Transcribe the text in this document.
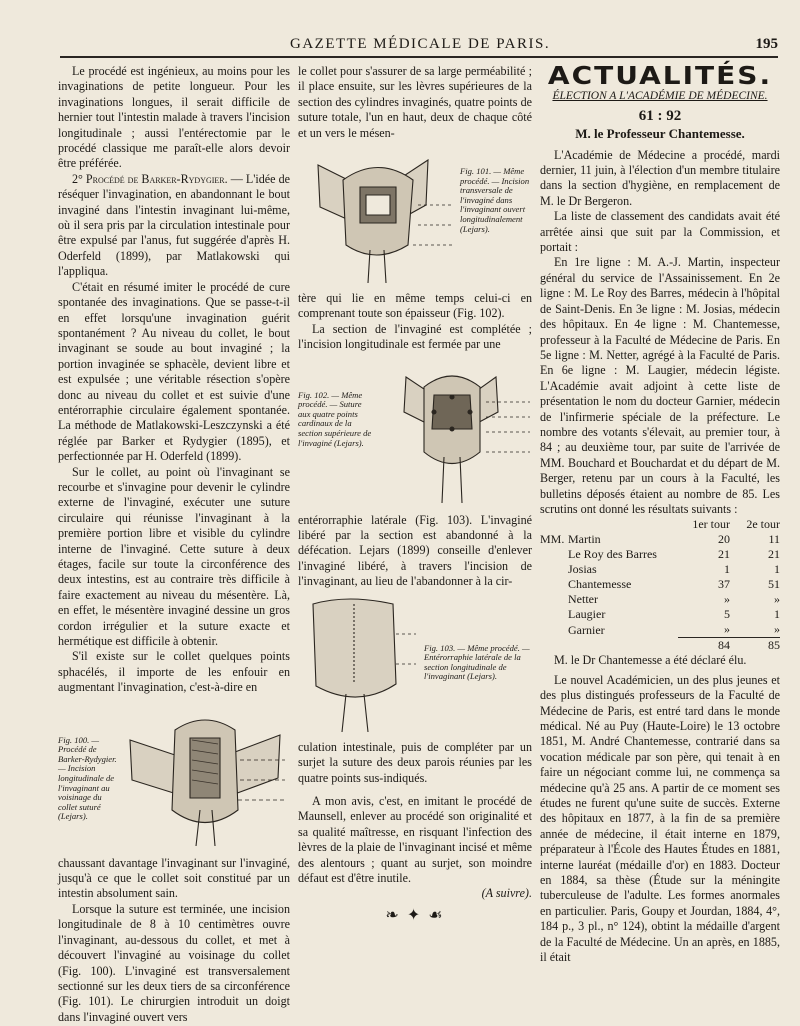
GAZETTE MÉDICALE DE PARIS.	195

Le procédé est ingénieux, au moins pour les invaginations de petite longueur. Pour les invaginations longues, il serait difficile de hernier tout l'intestin malade à travers l'incision longitudinale ; aussi l'entérectomie par le procédé classique me paraît-elle alors devoir être préférée.

2° Procédé de Barker-Rydygier. — L'idée de réséquer l'invagination, en abandonnant le bout invaginé dans l'intestin invaginant lui-même, où il sera pris par la circulation intestinale pour être expulsé par l'anus, fut suggérée d'après H. Oderfeld (1899), par Matlakowski qui l'appliqua.

C'était en résumé imiter le procédé de cure spontanée des invaginations. Que se passe-t-il en effet lorsqu'une invagination guérit spontanément ? Au niveau du collet, le bout invaginant se soude au bout invaginé ; la portion invaginée se sphacèle, devient libre et est expulsée ; une véritable résection s'opère donc au niveau du collet et est suivie d'une entérorraphie circulaire également spontanée. La méthode de Matlakowski-Leszczynski a été réglée par Barker et Rydygier (1895), et perfectionnée par H. Oderfeld (1899).

Sur le collet, au point où l'invaginant se recourbe et s'invagine pour devenir le cylindre externe de l'invaginé, exécuter une suture circulaire qui réunisse l'invaginant à la première portion libre et visible du cylindre interne de l'invaginé. Cette suture à deux étages, facile sur toute la circonférence des deux intestins, est au contraire très difficile à faire exactement au niveau du mésentère. Là, en effet, le mésentère invaginé dessine un gros cordon irrégulier et la suture exacte et hermétique est difficile à obtenir.

S'il existe sur le collet quelques points sphacélés, il importe de les enfouir en augmentant l'invagination, c'est-à-dire en

Fig. 100. — Procédé de Barker-Rydygier. — Incision longitudinale de l'invaginant au voisinage du collet suturé (Lejars).

chaussant davantage l'invaginant sur l'invaginé, jusqu'à ce que le collet soit constitué par un intestin absolument sain.

Lorsque la suture est terminée, une incision longitudinale de 8 à 10 centimètres ouvre l'invaginant, au-dessous du collet, et met à découvert l'invaginé au voisinage du collet (Fig. 100). L'invaginé est transversalement sectionné sur les deux tiers de sa circonférence (Fig. 101). Le chirurgien introduit un doigt dans l'invaginé ouvert vers

le collet pour s'assurer de sa large perméabilité ; il place ensuite, sur les lèvres supérieures de la section des cylindres invaginés, quatre points de suture totale, l'un en haut, deux de chaque côté et un vers le mésen-

Fig. 101. — Même procédé. — Incision transversale de l'invaginé dans l'invaginant ouvert longitudinalement (Lejars).

tère qui lie en même temps celui-ci en comprenant toute son épaisseur (Fig. 102).

La section de l'invaginé est complétée ; l'incision longitudinale est fermée par une

Fig. 102. — Même procédé. — Suture aux quatre points cardinaux de la section supérieure de l'invaginé (Lejars).

entérorraphie latérale (Fig. 103). L'invaginé libéré par la section est abandonné à la défécation. Lejars (1899) conseille d'enlever l'invaginé libéré, à travers l'incision de l'invaginant, au lieu de l'abandonner à la cir-

Fig. 103. — Même procédé. — Entérorraphie latérale de la section longitudinale de l'invaginant (Lejars).

culation intestinale, puis de compléter par un surjet la suture des deux parois réunies par les quatre points sus-indiqués.

A mon avis, c'est, en imitant le procédé de Maunsell, enlever au procédé son originalité et sa qualité maîtresse, en risquant l'infection des lèvres de la plaie de l'invaginant incisé et même des alentours ; quant au surjet, son moindre défaut est d'être inutile.

(A suivre).

❧ ✦ ☙
ACTUALITÉS.
ÉLECTION A L'ACADÉMIE DE MÉDECINE.
61 : 92
M. le Professeur Chantemesse.

L'Académie de Médecine a procédé, mardi dernier, 11 juin, à l'élection d'un membre titulaire dans la section d'hygiène, en remplacement de M. le Dr Bergeron.

La liste de classement des candidats avait été arrêtée ainsi que suit par la Commission, et portait :

En 1re ligne : M. A.-J. Martin, inspecteur général du service de l'Assainissement. En 2e ligne : M. Le Roy des Barres, médecin à l'hôpital de Saint-Denis. En 3e ligne : M. Josias, médecin des hôpitaux. En 4e ligne : M. Chantemesse, professeur à la Faculté de Médecine de Paris. En 5e ligne : M. Netter, agrégé à la Faculté de Paris. En 6e ligne : M. Laugier, médecin légiste. L'Académie avait adjoint à cette liste de présentation le nom du docteur Garnier, médecin de l'infirmerie spéciale de la préfecture. Le nombre des votants s'élevait, au premier tour, à 84 ; au deuxième tour, par suite de l'arrivée de MM. Bouchard et Bouchardat et du départ de M. Berger, retenu par un cours à la Faculté, les bulletins déposés étaient au nombre de 85. Les scrutins ont donné les résultats suivants :

		1er tour	2e tour
MM.	Martin	20	11
	Le Roy des Barres	21	21
	Josias	1	1
	Chantemesse	37	51
	Netter	»	»
	Laugier	5	1
	Garnier	»	»
		84	85

M. le Dr Chantemesse a été déclaré élu.

Le nouvel Académicien, un des plus jeunes et des plus distingués professeurs de la Faculté de Médecine de Paris, est entré tard dans le monde médical. Né au Puy (Haute-Loire) le 13 octobre 1851, M. André Chantemesse, contrarié dans sa vocation médicale par son père, qui tenait à en faire un négociant comme lui, ne commença sa médecine qu'à 25 ans. A partir de ce moment ses études ne furent qu'une suite de succès. Externe des hôpitaux en 1877, à la fin de sa première année de médecine, il était interne en 1879, préparateur à l'École des Hautes Études en 1881, interne lauréat (médaille d'or) en 1883. Docteur en 1884, sa thèse (Étude sur la méningite tuberculeuse de l'adulte. Les formes anormales en particulier. Paris, Goupy et Jourdan, 1884, 4°, 184 p., 3 pl., n° 124), obtint la médaille d'argent de la Faculté de Médecine. Un an après, en 1885, il était
